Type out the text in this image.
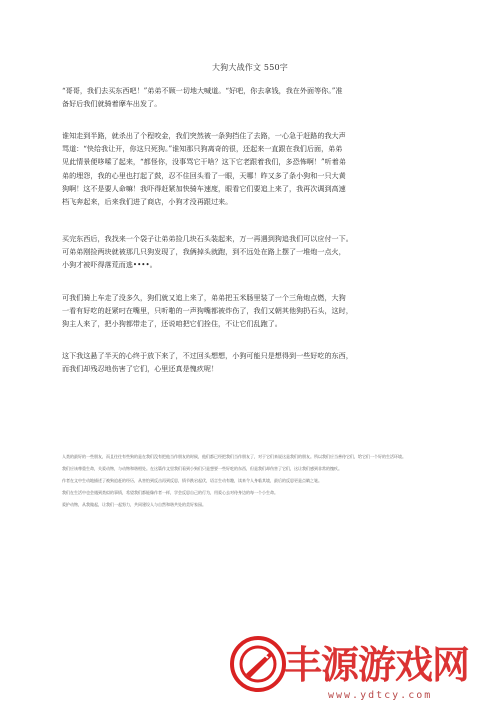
大狗大战作文 550字
“哥哥，我们去买东西吧！”弟弟不顾一切地大喊道。“好吧，你去拿钱，我在外面等你。”准
备好后我们就骑着摩车出发了。
谁知走到半路，就杀出了个程咬金，我们突然被一条狗挡住了去路，一心急于赶路的我大声
骂道：“快给我让开，你这只死狗。”谁知那只狗离奇的很，还起来一直跟在我们后面，弟弟
见此情景便哆嗦了起来，“都怪你，没事骂它干啥？这下它老跟着我们，多恐怖啊！”听着弟
弟的埋怨，我的心里也打起了鼓，忍不住回头看了一眼，天哪！昨又多了条小狗和一只大黄
狗啊！这不是要人命嘛！我吓得赶紧加快骑车速度，眼看它们要追上来了，我再次调到高速
档飞奔起来，后来我们进了商店，小狗才没再跟过来。
买完东西后，我找来一个袋子让弟弟捡几块石头装起来，万一再遇到狗追我们可以应付一下。
可弟弟刚捡两块就被那几只狗发现了，我俩掉头就跑，到不远处在路上摆了一堆炮一点火，
小狗才被吓得落荒而逃••••。
可我们骑上车走了没多久，狗们就又追上来了，弟弟把玉米肠里装了一个三角炮点燃，大狗
一看有好吃的赶紧叼在嘴里，只听啪的一声狗嘴都被炸伤了，我们又朝其他狗扔石头，这时，
狗主人来了，把小狗都带走了，还说咱把它们拴住，不让它们乱跑了。
这下我这悬了半天的心终于放下来了，不过回头想想，小狗可能只是想得到一些好吃的东西，
而我们却残忍地伤害了它们，心里还真是愧疚呢！
人类的最好的一些朋友，而且往往有些狗的是在我们没有把他当作朋友的时候，他们都已经把我们当作朋友了，对于它们来说这是我们的朋友。所以我们应当善待它们，给它们一个好的生活环境。
我们应该尊重生命，关爱动物，与动物和谐相处。在这篇作文里我们看到小狗们只是想要一些好吃的东西，但是我们却伤害了它们，这让我们感到非常的愧疚。
作者在文中生动地描述了被狗追赶的经历，从害怕到反击再到反思，情节跌宕起伏，语言生动有趣，读来令人身临其境，最后的反思更是点睛之笔。
我们在生活中也会遇到类似的事情，希望我们都能像作者一样，学会反思自己的行为，用爱心去对待身边的每一个小生命。
爱护动物，从我做起，让我们一起努力，共同建设人与自然和谐共处的美好家园。
丰源游戏网
www.ydtcy.com
